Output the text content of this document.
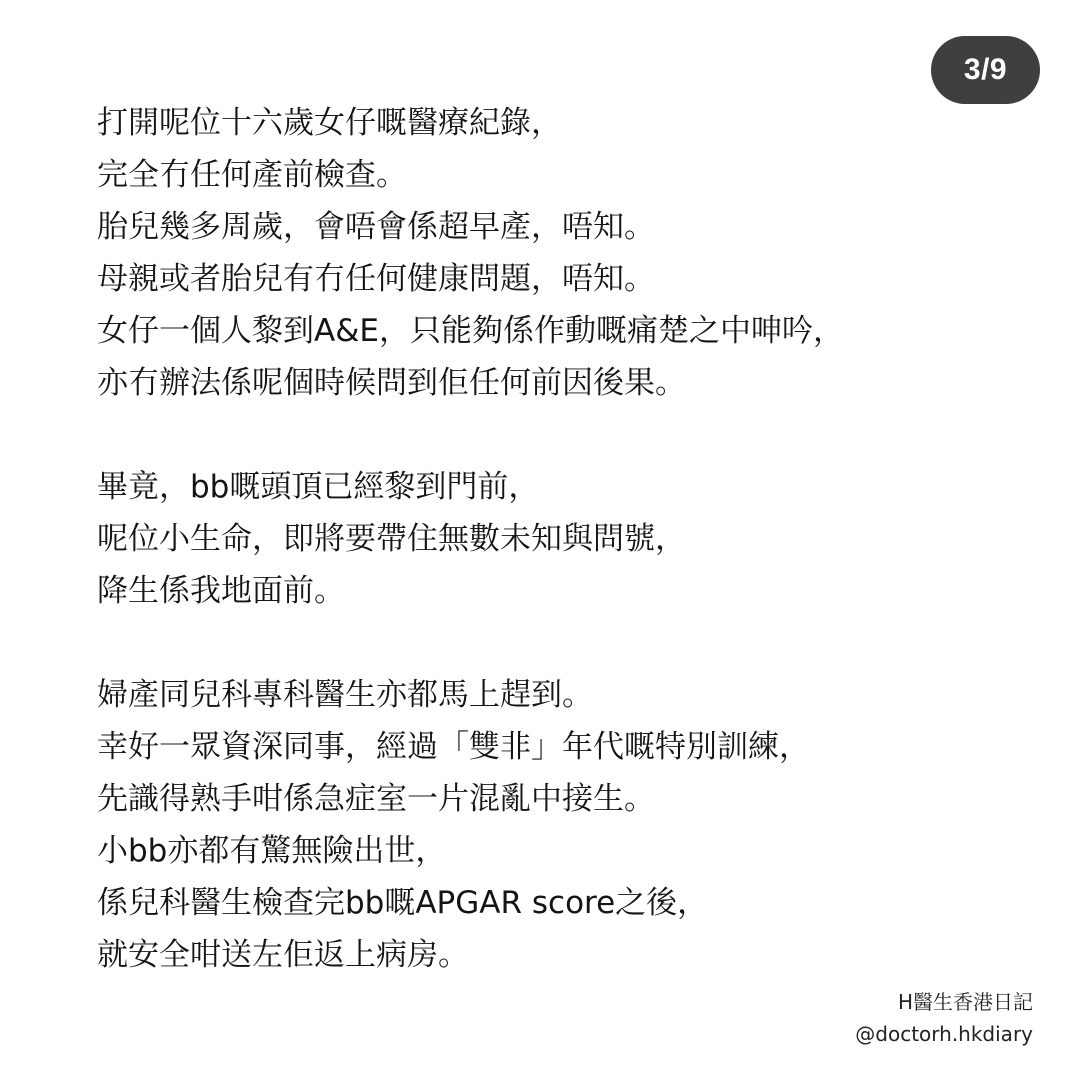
3/9
打開呢位十六歲女仔嘅醫療紀錄，
完全冇任何產前檢查。
胎兒幾多周歲，會唔會係超早產，唔知。
母親或者胎兒有冇任何健康問題，唔知。
女仔一個人黎到A&E，只能夠係作動嘅痛楚之中呻吟，
亦冇辦法係呢個時候問到佢任何前因後果。
畢竟，bb嘅頭頂已經黎到門前，
呢位小生命，即將要帶住無數未知與問號，
降生係我地面前。
婦產同兒科專科醫生亦都馬上趕到。
幸好一眾資深同事，經過「雙非」年代嘅特別訓練，
先識得熟手咁係急症室一片混亂中接生。
小bb亦都有驚無險出世，
係兒科醫生檢查完bb嘅APGAR score之後，
就安全咁送左佢返上病房。
H醫生香港日記
@doctorh.hkdiary
